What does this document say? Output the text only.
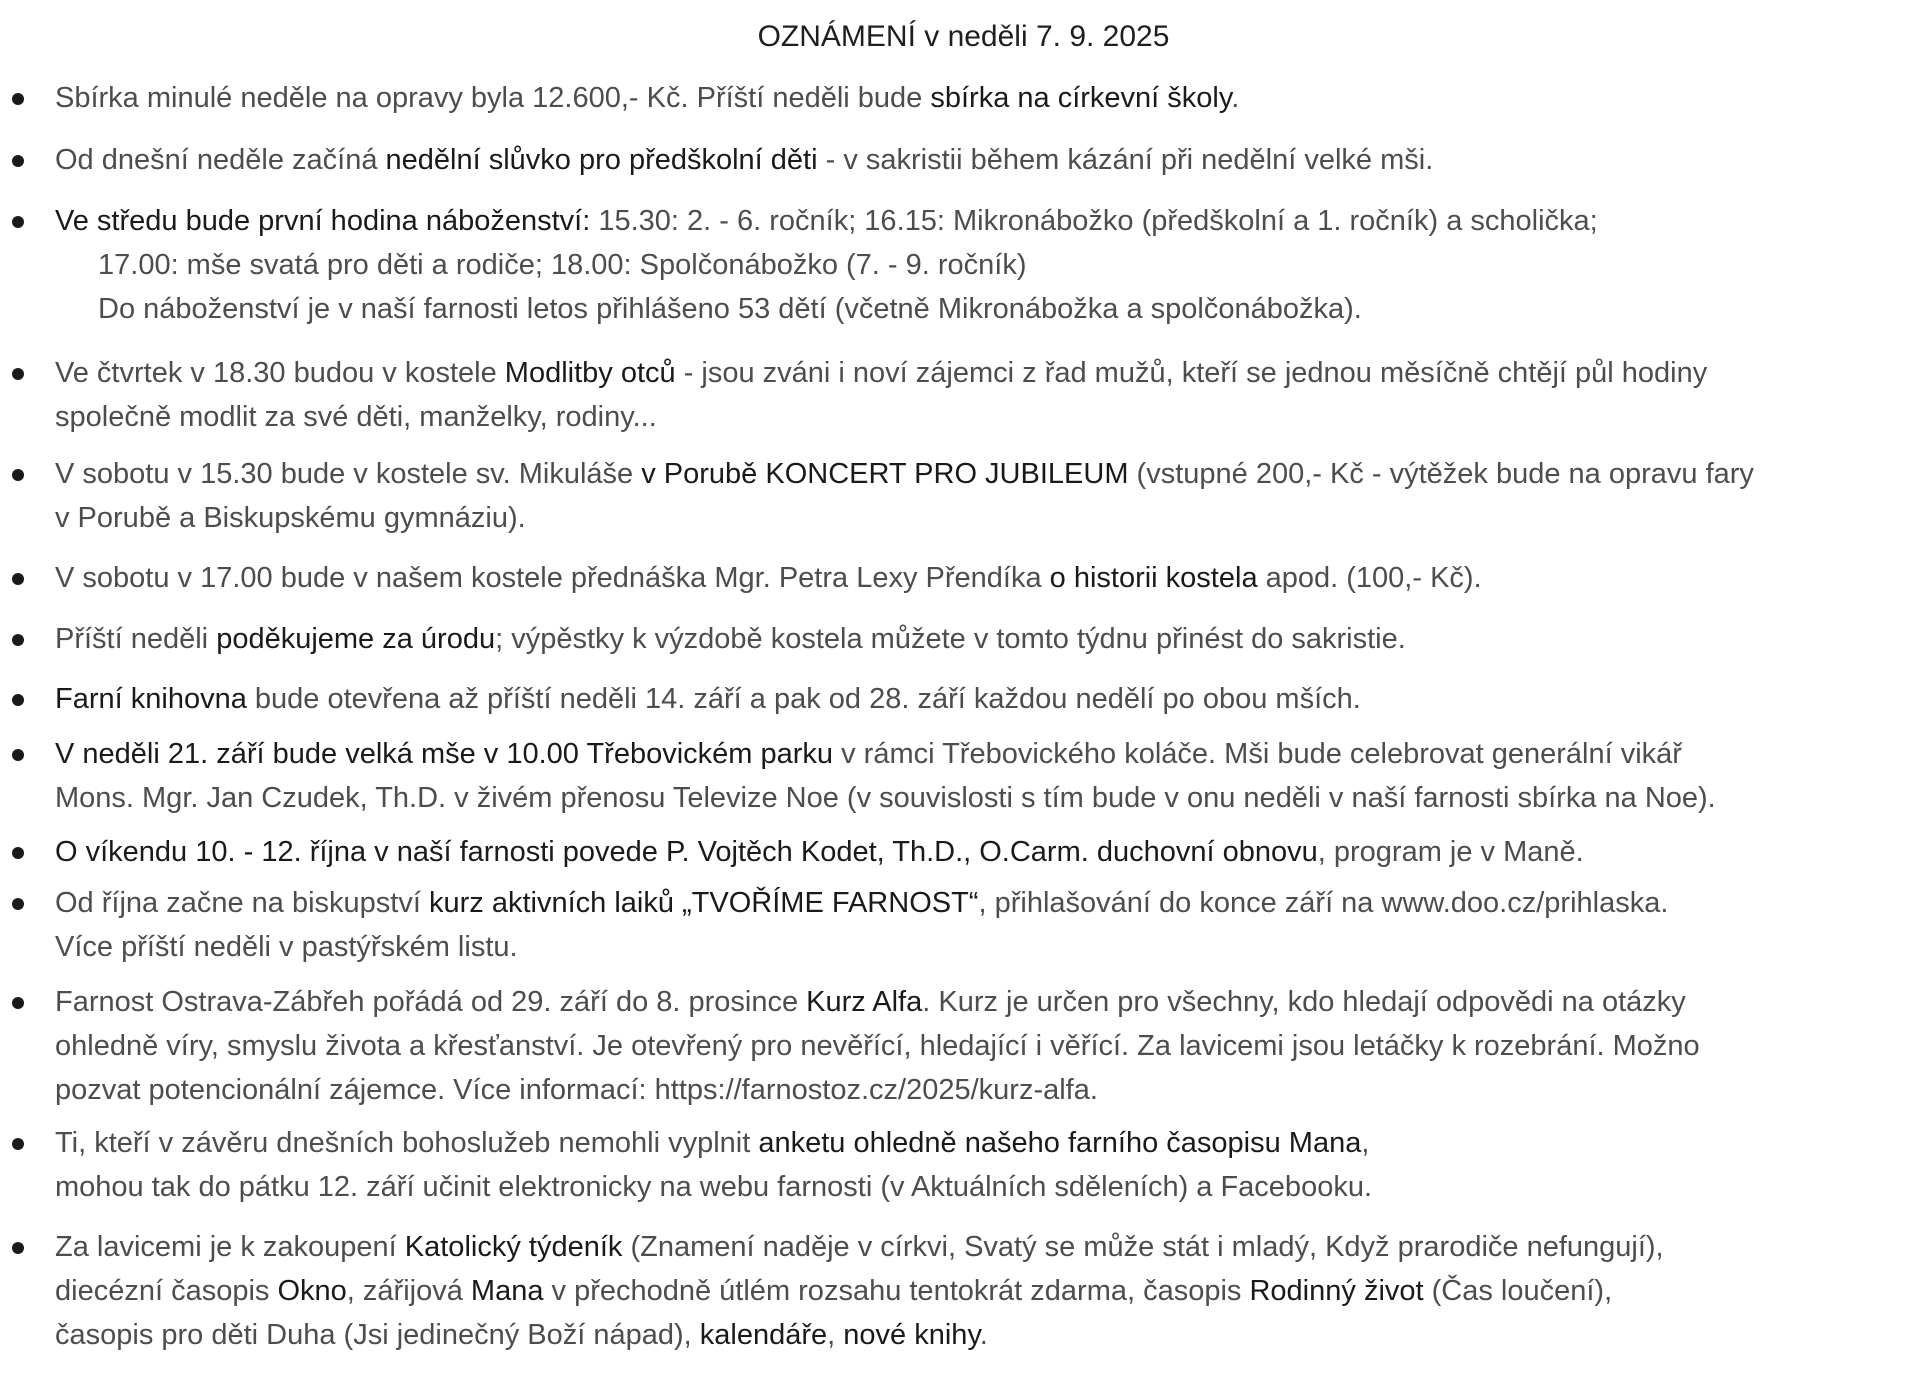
OZNÁMENÍ v neděli 7. 9. 2025
Sbírka minulé neděle na opravy byla 12.600,- Kč. Příští neděli bude sbírka na církevní školy.
Od dnešní neděle začíná nedělní slůvko pro předškolní děti - v sakristii během kázání při nedělní velké mši.
Ve středu bude první hodina náboženství: 15.30: 2. - 6. ročník; 16.15: Mikronábožko (předškolní a 1. ročník) a scholička;
17.00: mše svatá pro děti a rodiče; 18.00: Spolčonábožko (7. - 9. ročník)
Do náboženství je v naší farnosti letos přihlášeno 53 dětí (včetně Mikronábožka a spolčonábožka).
Ve čtvrtek v 18.30 budou v kostele Modlitby otců - jsou zváni i noví zájemci z řad mužů, kteří se jednou měsíčně chtějí půl hodiny
společně modlit za své děti, manželky, rodiny...
V sobotu v 15.30 bude v kostele sv. Mikuláše v Porubě KONCERT PRO JUBILEUM (vstupné 200,- Kč - výtěžek bude na opravu fary
v Porubě a Biskupskému gymnáziu).
V sobotu v 17.00 bude v našem kostele přednáška Mgr. Petra Lexy Přendíka o historii kostela apod. (100,- Kč).
Příští neděli poděkujeme za úrodu; výpěstky k výzdobě kostela můžete v tomto týdnu přinést do sakristie.
Farní knihovna bude otevřena až příští neděli 14. září a pak od 28. září každou nedělí po obou mších.
V neděli 21. září bude velká mše v 10.00 Třebovickém parku v rámci Třebovického koláče. Mši bude celebrovat generální vikář
Mons. Mgr. Jan Czudek, Th.D. v živém přenosu Televize Noe (v souvislosti s tím bude v onu neděli v naší farnosti sbírka na Noe).
O víkendu 10. - 12. října v naší farnosti povede P. Vojtěch Kodet, Th.D., O.Carm. duchovní obnovu, program je v Maně.
Od října začne na biskupství kurz aktivních laiků „TVOŘÍME FARNOST“, přihlašování do konce září na www.doo.cz/prihlaska.
Více příští neděli v pastýřském listu.
Farnost Ostrava-Zábřeh pořádá od 29. září do 8. prosince Kurz Alfa. Kurz je určen pro všechny, kdo hledají odpovědi na otázky
ohledně víry, smyslu života a křesťanství. Je otevřený pro nevěřící, hledající i věřící. Za lavicemi jsou letáčky k rozebrání. Možno
pozvat potencionální zájemce. Více informací: https://farnostoz.cz/2025/kurz-alfa.
Ti, kteří v závěru dnešních bohoslužeb nemohli vyplnit anketu ohledně našeho farního časopisu Mana,
mohou tak do pátku 12. září učinit elektronicky na webu farnosti (v Aktuálních sděleních) a Facebooku.
Za lavicemi je k zakoupení Katolický týdeník (Znamení naděje v církvi, Svatý se může stát i mladý, Když prarodiče nefungují),
diecézní časopis Okno, zářijová Mana v přechodně útlém rozsahu tentokrát zdarma, časopis Rodinný život (Čas loučení),
časopis pro děti Duha (Jsi jedinečný Boží nápad), kalendáře, nové knihy.
